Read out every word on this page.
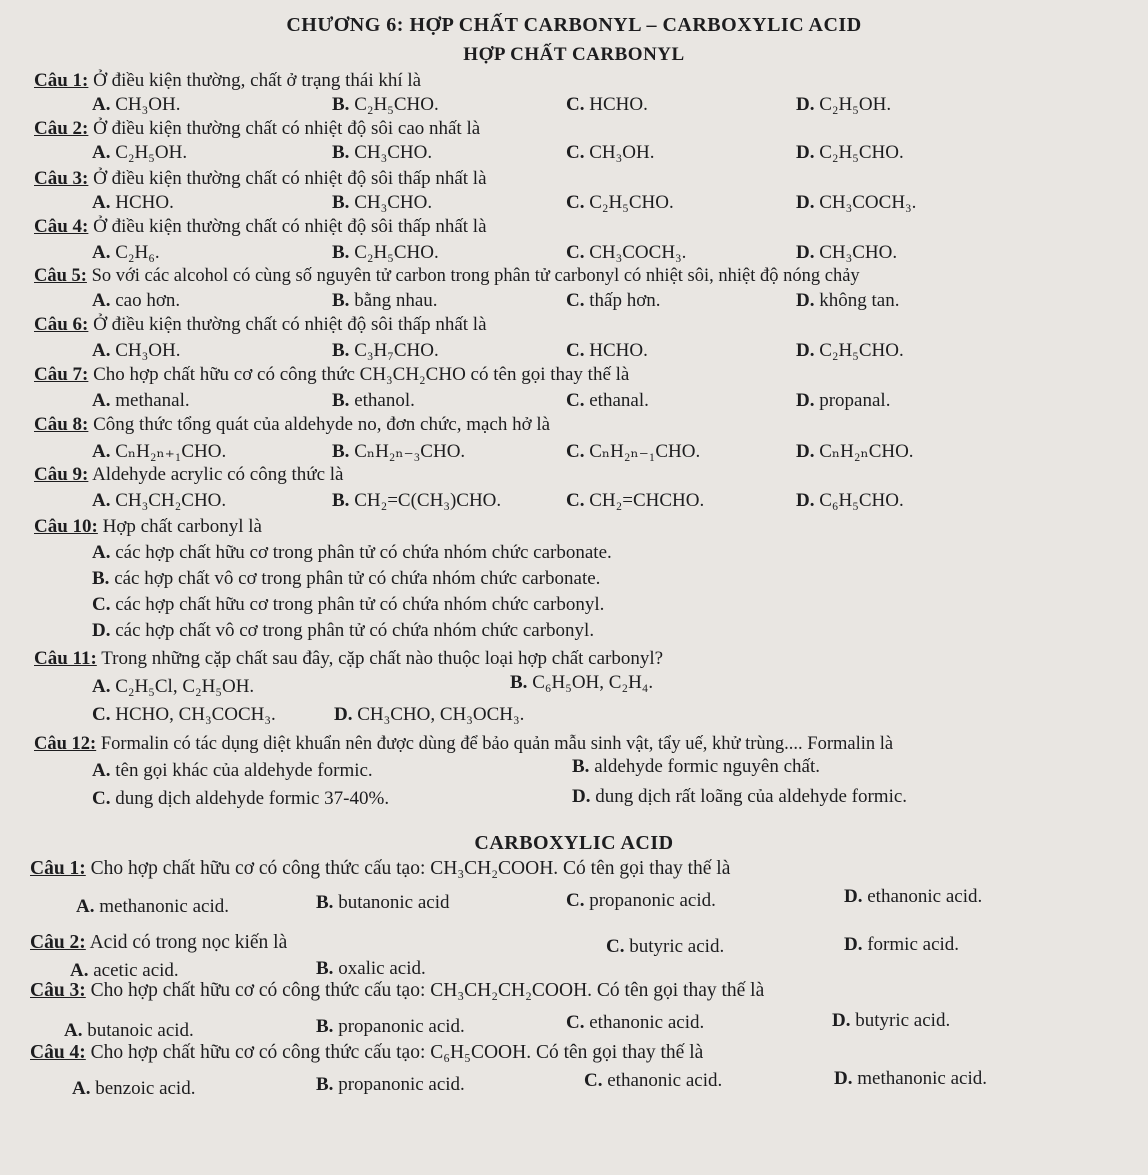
CHƯƠNG 6: HỢP CHẤT CARBONYL – CARBOXYLIC ACID
HỢP CHẤT CARBONYL
Câu 1: Ở điều kiện thường, chất ở trạng thái khí là
A. CH₃OH.	B. C₂H₅CHO.	C. HCHO.	D. C₂H₅OH.
Câu 2: Ở điều kiện thường chất có nhiệt độ sôi cao nhất là
A. C₂H₅OH.	B. CH₃CHO.	C. CH₃OH.	D. C₂H₅CHO.
Câu 3: Ở điều kiện thường chất có nhiệt độ sôi thấp nhất là
A. HCHO.	B. CH₃CHO.	C. C₂H₅CHO.	D. CH₃COCH₃.
Câu 4: Ở điều kiện thường chất có nhiệt độ sôi thấp nhất là
A. C₂H₆.	B. C₂H₅CHO.	C. CH₃COCH₃.	D. CH₃CHO.
Câu 5: So với các alcohol có cùng số nguyên tử carbon trong phân tử carbonyl có nhiệt sôi, nhiệt độ nóng chảy
A. cao hơn.	B. bằng nhau.	C. thấp hơn.	D. không tan.
Câu 6: Ở điều kiện thường chất có nhiệt độ sôi thấp nhất là
A. CH₃OH.	B. C₃H₇CHO.	C. HCHO.	D. C₂H₅CHO.
Câu 7: Cho hợp chất hữu cơ có công thức CH₃CH₂CHO có tên gọi thay thế là
A. methanal.	B. ethanol.	C. ethanal.	D. propanal.
Câu 8: Công thức tổng quát của aldehyde no, đơn chức, mạch hở là
A. CₙH₂ₙ₊₁CHO.	B. CₙH₂ₙ₋₃CHO.	C. CₙH₂ₙ₋₁CHO.	D. CₙH₂ₙCHO.
Câu 9: Aldehyde acrylic có công thức là
A. CH₃CH₂CHO.	B. CH₂=C(CH₃)CHO.	C. CH₂=CHCHO.	D. C₆H₅CHO.
Câu 10: Hợp chất carbonyl là
A. các hợp chất hữu cơ trong phân tử có chứa nhóm chức carbonate.
B. các hợp chất vô cơ trong phân tử có chứa nhóm chức carbonate.
C. các hợp chất hữu cơ trong phân tử có chứa nhóm chức carbonyl.
D. các hợp chất vô cơ trong phân tử có chứa nhóm chức carbonyl.
Câu 11: Trong những cặp chất sau đây, cặp chất nào thuộc loại hợp chất carbonyl?
A. C₂H₅Cl, C₂H₅OH.	B. C₆H₅OH, C₂H₄.
C. HCHO, CH₃COCH₃.	D. CH₃CHO, CH₃OCH₃.
Câu 12: Formalin có tác dụng diệt khuẩn nên được dùng để bảo quản mẫu sinh vật, tẩy uế, khử trùng.... Formalin là
A. tên gọi khác của aldehyde formic.	B. aldehyde formic nguyên chất.
C. dung dịch aldehyde formic 37-40%.	D. dung dịch rất loãng của aldehyde formic.
CARBOXYLIC ACID
Câu 1: Cho hợp chất hữu cơ có công thức cấu tạo: CH₃CH₂COOH. Có tên gọi thay thế là
A. methanonic acid.	B. butanonic acid	C. propanonic acid.	D. ethanonic acid.
Câu 2: Acid có trong nọc kiến là
A. acetic acid.	B. oxalic acid.
C. butyric acid.	D. formic acid.
Câu 3: Cho hợp chất hữu cơ có công thức cấu tạo: CH₃CH₂CH₂COOH. Có tên gọi thay thế là
A. butanoic acid.	B. propanonic acid.	C. ethanonic acid.	D. butyric acid.
Câu 4: Cho hợp chất hữu cơ có công thức cấu tạo: C₆H₅COOH. Có tên gọi thay thế là
A. benzoic acid.	B. propanonic acid.	C. ethanonic acid.	D. methanonic acid.
